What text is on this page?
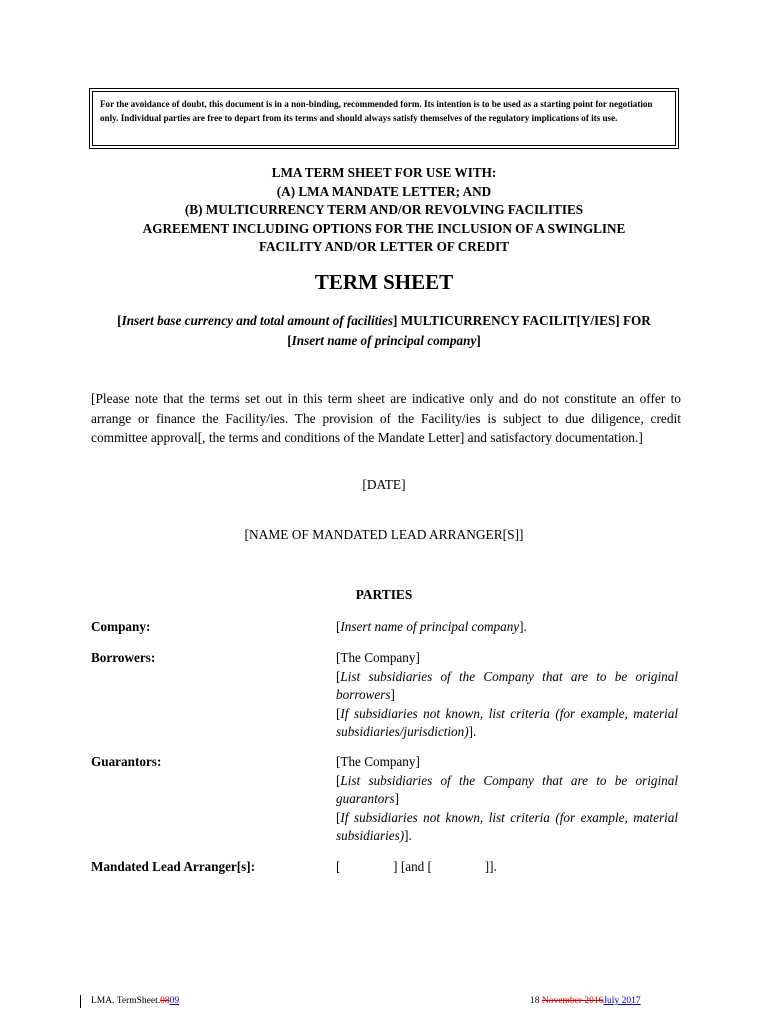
For the avoidance of doubt, this document is in a non-binding, recommended form. Its intention is to be used as a starting point for negotiation only. Individual parties are free to depart from its terms and should always satisfy themselves of the regulatory implications of its use.
LMA TERM SHEET FOR USE WITH:
(A) LMA MANDATE LETTER; AND
(B) MULTICURRENCY TERM AND/OR REVOLVING FACILITIES
AGREEMENT INCLUDING OPTIONS FOR THE INCLUSION OF A SWINGLINE
FACILITY AND/OR LETTER OF CREDIT
TERM SHEET
[Insert base currency and total amount of facilities] MULTICURRENCY FACILIT[Y/IES] FOR
[Insert name of principal company]
[Please note that the terms set out in this term sheet are indicative only and do not constitute an offer to arrange or finance the Facility/ies. The provision of the Facility/ies is subject to due diligence, credit committee approval[, the terms and conditions of the Mandate Letter] and satisfactory documentation.]
[DATE]
[NAME OF MANDATED LEAD ARRANGER[S]]
PARTIES
Company:	[Insert name of principal company].
Borrowers:	[The Company]
[List subsidiaries of the Company that are to be original borrowers]
[If subsidiaries not known, list criteria (for example, material subsidiaries/jurisdiction)].
Guarantors:	[The Company]
[List subsidiaries of the Company that are to be original guarantors]
[If subsidiaries not known, list criteria (for example, material subsidiaries)].
Mandated Lead Arranger[s]:	[                ] [and [                ]].
LMA. TermSheet.0809	18 November 2016July 2017
